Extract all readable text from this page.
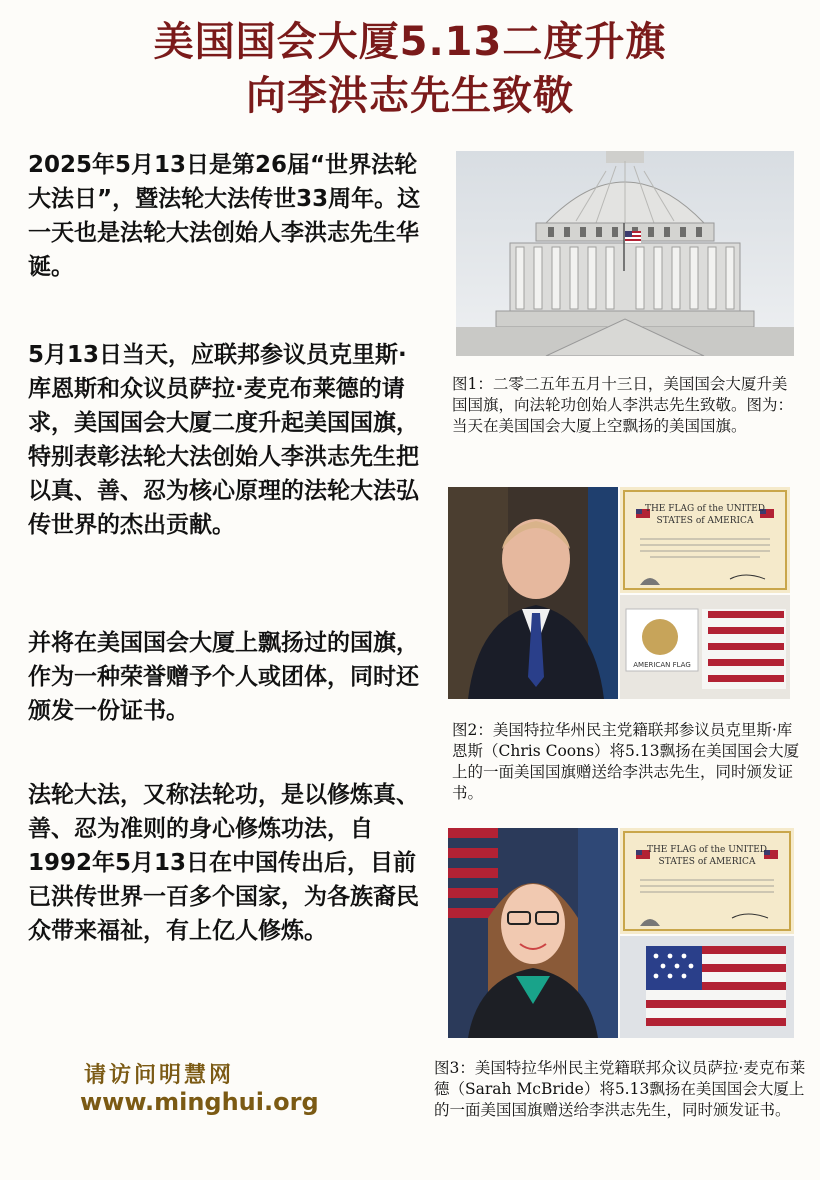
美国国会大厦5.13二度升旗
向李洪志先生致敬
2025年5月13日是第26届“世界法轮大法日”，暨法轮大法传世33周年。这一天也是法轮大法创始人李洪志先生华诞。
5月13日当天，应联邦参议员克里斯·库恩斯和众议员萨拉·麦克布莱德的请求，美国国会大厦二度升起美国国旗，特别表彰法轮大法创始人李洪志先生把以真、善、忍为核心原理的法轮大法弘传世界的杰出贡献。
并将在美国国会大厦上飘扬过的国旗，作为一种荣誉赠予个人或团体，同时还颁发一份证书。
法轮大法，又称法轮功，是以修炼真、善、忍为准则的身心修炼功法，自1992年5月13日在中国传出后，目前已洪传世界一百多个国家，为各族裔民众带来福祉，有上亿人修炼。
图1：二零二五年五月十三日，美国国会大厦升美国国旗，向法轮功创始人李洪志先生致敬。图为：当天在美国国会大厦上空飘扬的美国国旗。
THE FLAG of the UNITED
STATES of AMERICA
AMERICAN FLAG
图2：美国特拉华州民主党籍联邦参议员克里斯·库恩斯（Chris Coons）将5.13飘扬在美国国会大厦上的一面美国国旗赠送给李洪志先生，同时颁发证书。
THE FLAG of the UNITED
STATES of AMERICA
图3：美国特拉华州民主党籍联邦众议员萨拉·麦克布莱德（Sarah McBride）将5.13飘扬在美国国会大厦上的一面美国国旗赠送给李洪志先生，同时颁发证书。
请访问明慧网
www.minghui.org
